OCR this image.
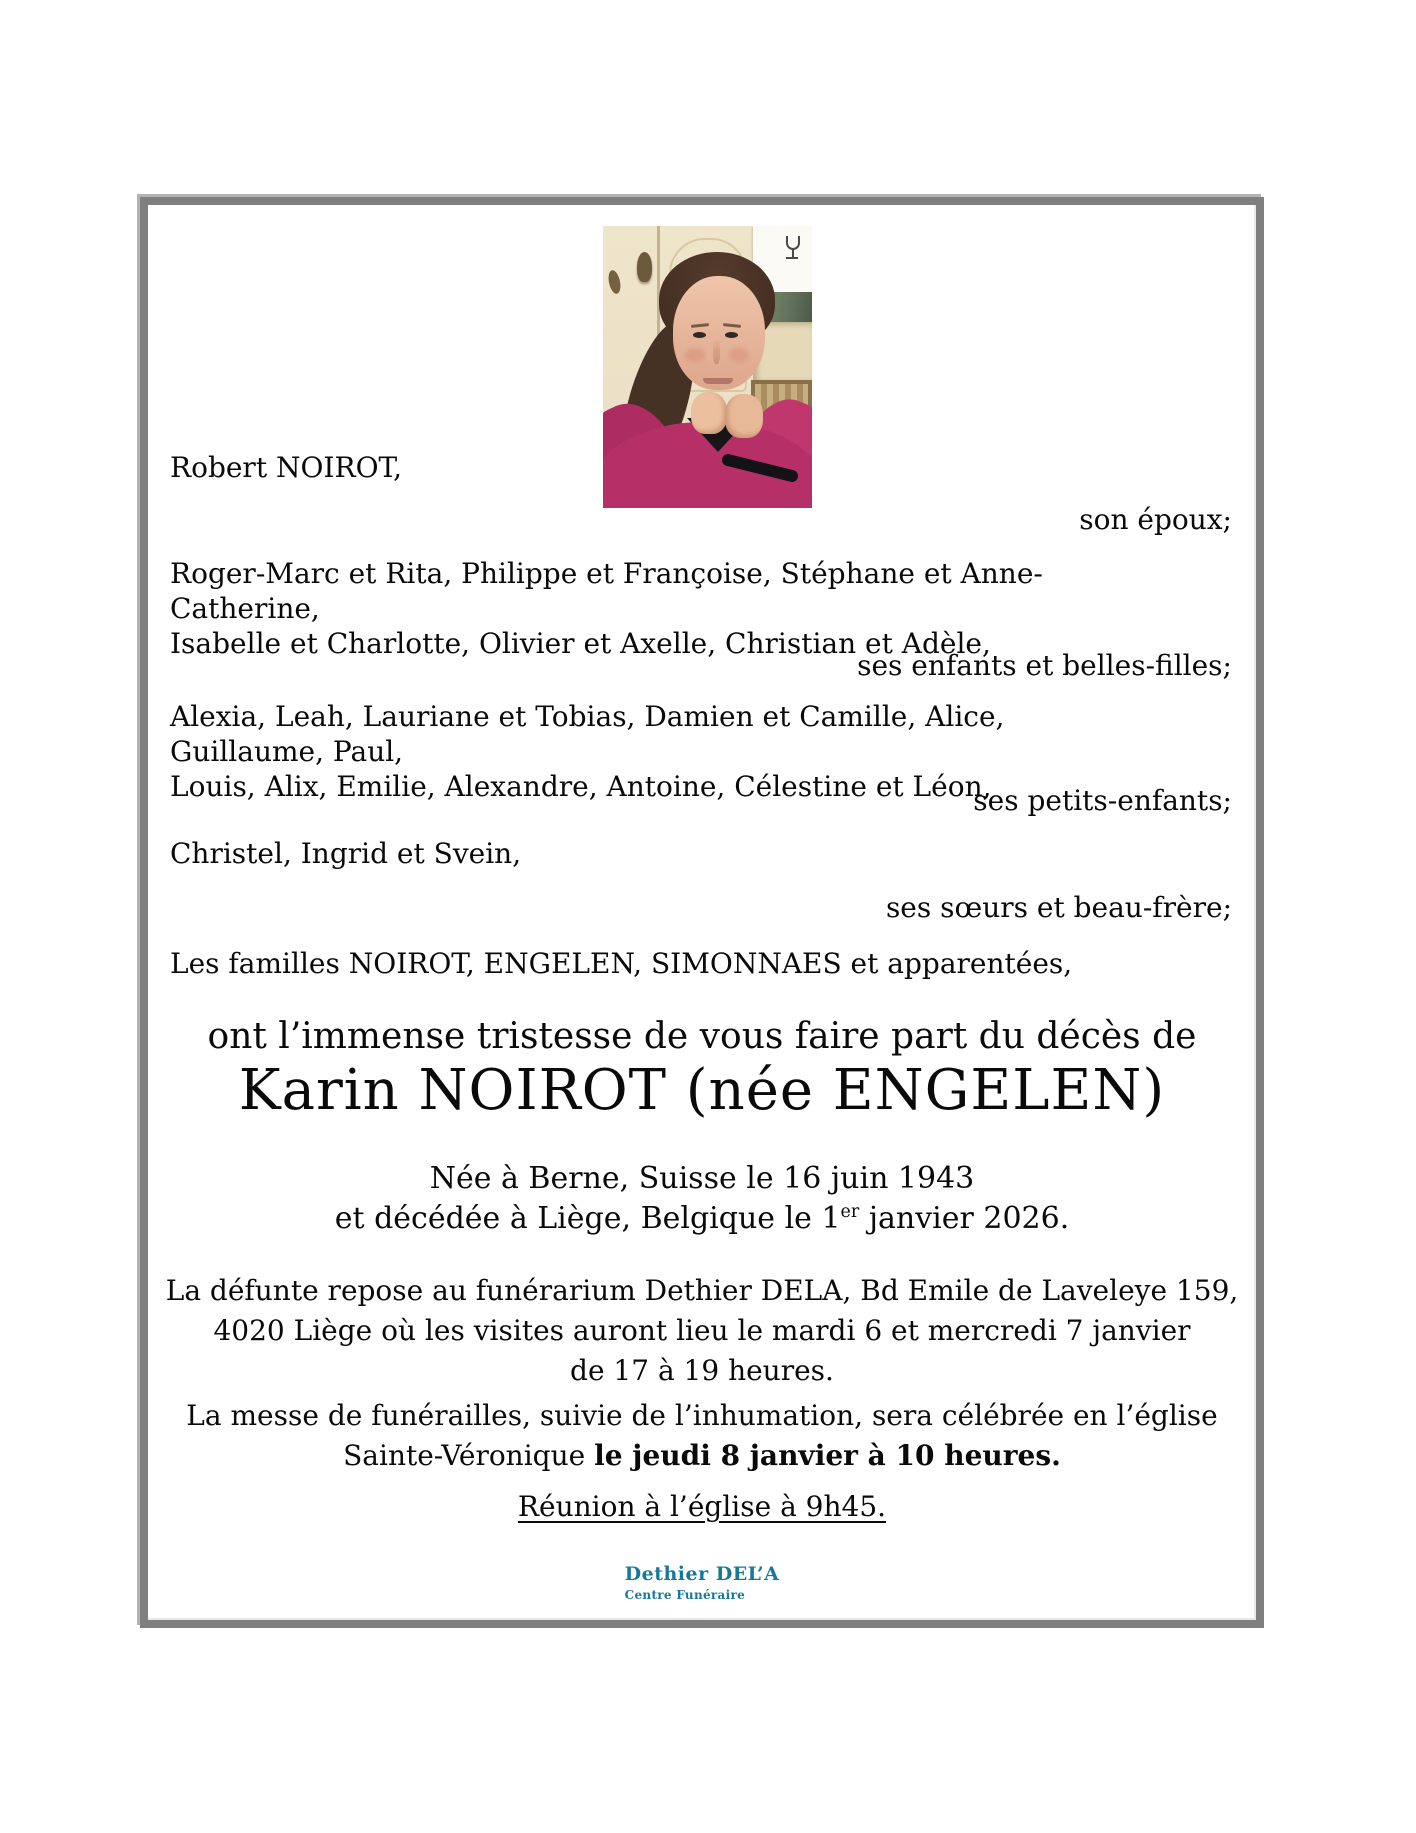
Robert NOIROT,
son époux;
Roger-Marc et Rita, Philippe et Françoise, Stéphane et Anne-Catherine,
Isabelle et Charlotte, Olivier et Axelle, Christian et Adèle,
ses enfants et belles-filles;
Alexia, Leah, Lauriane et Tobias, Damien et Camille, Alice, Guillaume, Paul,
Louis, Alix, Emilie, Alexandre, Antoine, Célestine et Léon,
ses petits-enfants;
Christel, Ingrid et Svein,
ses sœurs et beau-frère;
Les familles NOIROT, ENGELEN, SIMONNAES et apparentées,
ont l’immense tristesse de vous faire part du décès de
Karin NOIROT (née ENGELEN)
Née à Berne, Suisse le 16 juin 1943
et décédée à Liège, Belgique le 1er janvier 2026.
La défunte repose au funérarium Dethier DELA, Bd Emile de Laveleye 159,
4020 Liège où les visites auront lieu le mardi 6 et mercredi 7 janvier
de 17 à 19 heures.
La messe de funérailles, suivie de l’inhumation, sera célébrée en l’église
Sainte-Véronique le jeudi 8 janvier à 10 heures.
Réunion à l’église à 9h45.
Dethier DEL’A
Centre Funéraire
